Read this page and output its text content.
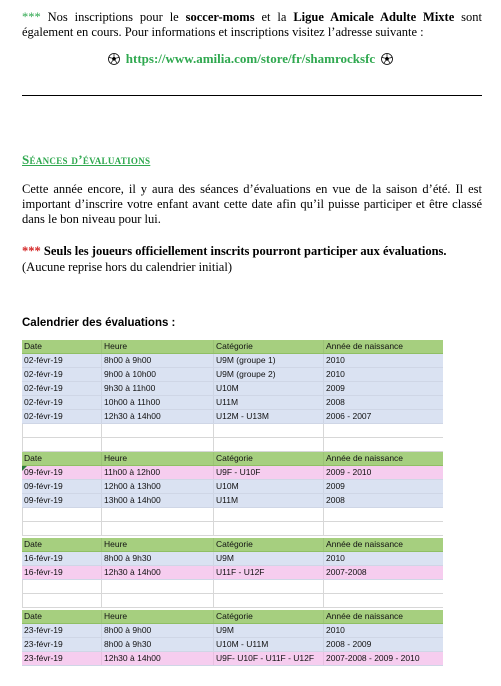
*** Nos inscriptions pour le soccer-moms et la Ligue Amicale Adulte Mixte sont également en cours. Pour informations et inscriptions visitez l’adresse suivante :
https://www.amilia.com/store/fr/shamrocksfc
Séances d’évaluations
Cette année encore, il y aura des séances d’évaluations en vue de la saison d’été. Il est important d’inscrire votre enfant avant cette date afin qu’il puisse participer et être classé dans le bon niveau pour lui.
*** Seuls les joueurs officiellement inscrits pourront participer aux évaluations.
(Aucune reprise hors du calendrier initial)
Calendrier des évaluations :
Date	Heure	Catégorie	Année de naissance
02-févr-19	8h00 à 9h00	U9M (groupe 1)	2010
02-févr-19	9h00 à 10h00	U9M (groupe 2)	2010
02-févr-19	9h30 à 11h00	U10M	2009
02-févr-19	10h00 à 11h00	U11M	2008
02-févr-19	12h30 à 14h00	U12M - U13M	2006 - 2007
Date	Heure	Catégorie	Année de naissance
09-févr-19	11h00 à 12h00	U9F - U10F	2009 - 2010
09-févr-19	12h00 à 13h00	U10M	2009
09-févr-19	13h00 à 14h00	U11M	2008
Date	Heure	Catégorie	Année de naissance
16-févr-19	8h00 à 9h30	U9M	2010
16-févr-19	12h30 à 14h00	U11F - U12F	2007-2008
Date	Heure	Catégorie	Année de naissance
23-févr-19	8h00 à 9h00	U9M	2010
23-févr-19	8h00 à 9h30	U10M - U11M	2008 - 2009
23-févr-19	12h30 à 14h00	U9F- U10F - U11F - U12F	2007-2008 - 2009 - 2010
